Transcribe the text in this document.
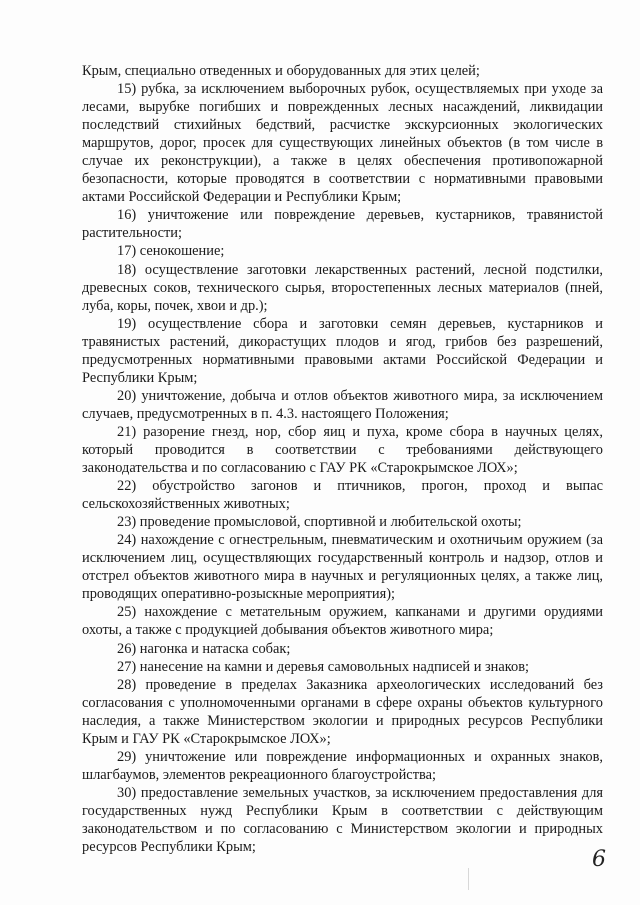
Крым, специально отведенных и оборудованных для этих целей;

15) рубка, за исключением выборочных рубок, осуществляемых при уходе за лесами, вырубке погибших и поврежденных лесных насаждений, ликвидации последствий стихийных бедствий, расчистке экскурсионных экологических маршрутов, дорог, просек для существующих линейных объектов (в том числе в случае их реконструкции), а также в целях обеспечения противопожарной безопасности, которые проводятся в соответствии с нормативными правовыми актами Российской Федерации и Республики Крым;

16) уничтожение или повреждение деревьев, кустарников, травянистой растительности;

17) сенокошение;

18) осуществление заготовки лекарственных растений, лесной подстилки, древесных соков, технического сырья, второстепенных лесных материалов (пней, луба, коры, почек, хвои и др.);

19) осуществление сбора и заготовки семян деревьев, кустарников и травянистых растений, дикорастущих плодов и ягод, грибов без разрешений, предусмотренных нормативными правовыми актами Российской Федерации и Республики Крым;

20) уничтожение, добыча и отлов объектов животного мира, за исключением случаев, предусмотренных в п. 4.3. настоящего Положения;

21) разорение гнезд, нор, сбор яиц и пуха, кроме сбора в научных целях, который проводится в соответствии с требованиями действующего законодательства и по согласованию с ГАУ РК «Старокрымское ЛОХ»;

22) обустройство загонов и птичников, прогон, проход и выпас сельскохозяйственных животных;

23) проведение промысловой, спортивной и любительской охоты;

24) нахождение с огнестрельным, пневматическим и охотничьим оружием (за исключением лиц, осуществляющих государственный контроль и надзор, отлов и отстрел объектов животного мира в научных и регуляционных целях, а также лиц, проводящих оперативно-розыскные мероприятия);

25) нахождение с метательным оружием, капканами и другими орудиями охоты, а также с продукцией добывания объектов животного мира;

26) нагонка и натаска собак;

27) нанесение на камни и деревья самовольных надписей и знаков;

28) проведение в пределах Заказника археологических исследований без согласования с уполномоченными органами в сфере охраны объектов культурного наследия, а также Министерством экологии и природных ресурсов Республики Крым и ГАУ РК «Старокрымское ЛОХ»;

29) уничтожение или повреждение информационных и охранных знаков, шлагбаумов, элементов рекреационного благоустройства;

30) предоставление земельных участков, за исключением предоставления для государственных нужд Республики Крым в соответствии с действующим законодательством и по согласованию с Министерством экологии и природных ресурсов Республики Крым;	6
